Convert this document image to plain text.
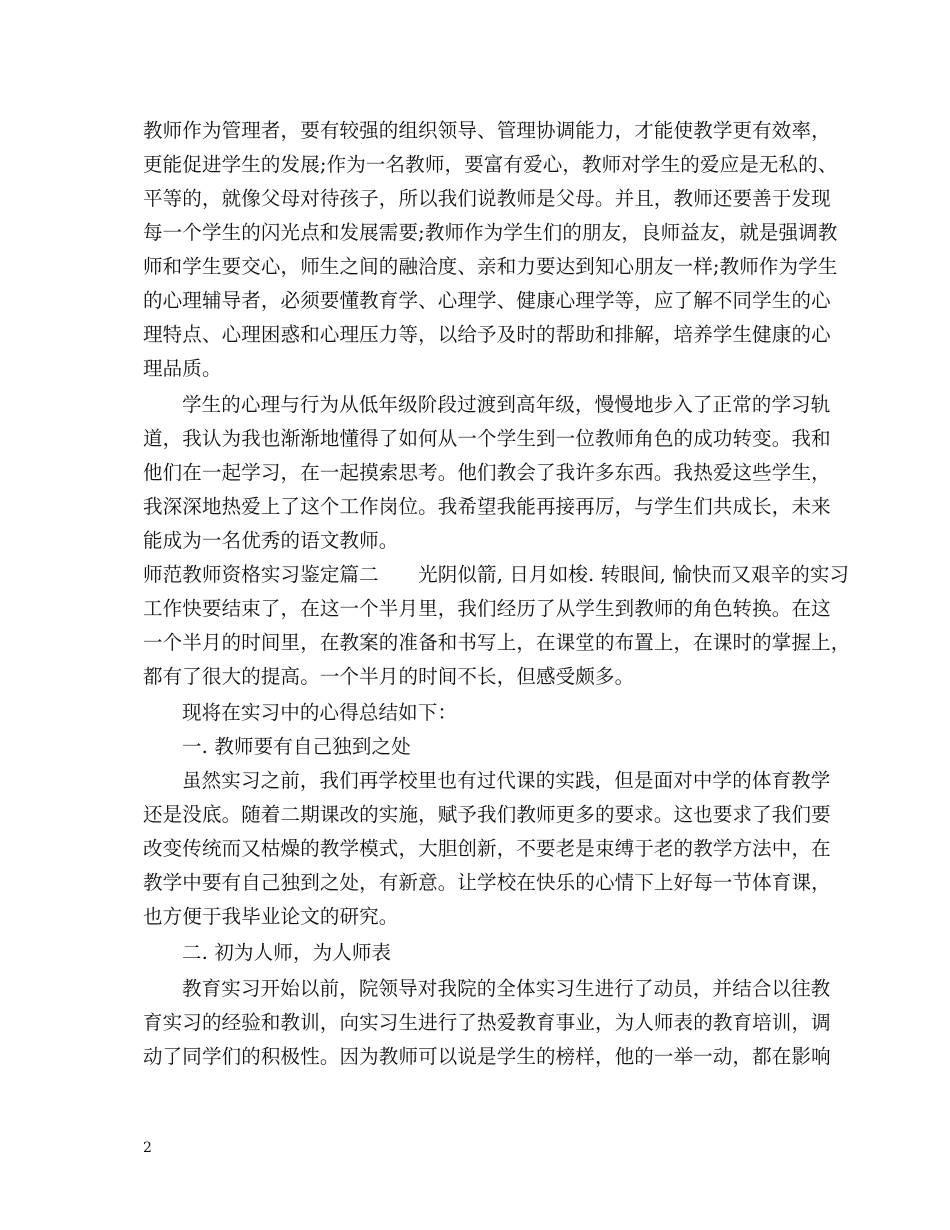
教师作为管理者，要有较强的组织领导、管理协调能力，才能使教学更有效率，
更能促进学生的发展;作为一名教师，要富有爱心，教师对学生的爱应是无私的、
平等的，就像父母对待孩子，所以我们说教师是父母。并且，教师还要善于发现
每一个学生的闪光点和发展需要;教师作为学生们的朋友，良师益友，就是强调教
师和学生要交心，师生之间的融洽度、亲和力要达到知心朋友一样;教师作为学生
的心理辅导者，必须要懂教育学、心理学、健康心理学等，应了解不同学生的心
理特点、心理困惑和心理压力等，以给予及时的帮助和排解，培养学生健康的心
理品质。
学生的心理与行为从低年级阶段过渡到高年级，慢慢地步入了正常的学习轨
道，我认为我也渐渐地懂得了如何从一个学生到一位教师角色的成功转变。我和
他们在一起学习，在一起摸索思考。他们教会了我许多东西。我热爱这些学生，
我深深地热爱上了这个工作岗位。我希望我能再接再厉，与学生们共成长，未来
能成为一名优秀的语文教师。
师范教师资格实习鉴定篇二　　光阴似箭, 日月如梭. 转眼间, 愉快而又艰辛的实习
工作快要结束了，在这一个半月里，我们经历了从学生到教师的角色转换。在这
一个半月的时间里，在教案的准备和书写上，在课堂的布置上，在课时的掌握上，
都有了很大的提高。一个半月的时间不长，但感受颇多。
现将在实习中的心得总结如下：
一. 教师要有自己独到之处
虽然实习之前，我们再学校里也有过代课的实践，但是面对中学的体育教学
还是没底。随着二期课改的实施，赋予我们教师更多的要求。这也要求了我们要
改变传统而又枯燥的教学模式，大胆创新，不要老是束缚于老的教学方法中，在
教学中要有自己独到之处，有新意。让学校在快乐的心情下上好每一节体育课，
也方便于我毕业论文的研究。
二. 初为人师，为人师表
教育实习开始以前，院领导对我院的全体实习生进行了动员，并结合以往教
育实习的经验和教训，向实习生进行了热爱教育事业，为人师表的教育培训，调
动了同学们的积极性。因为教师可以说是学生的榜样，他的一举一动，都在影响
2
